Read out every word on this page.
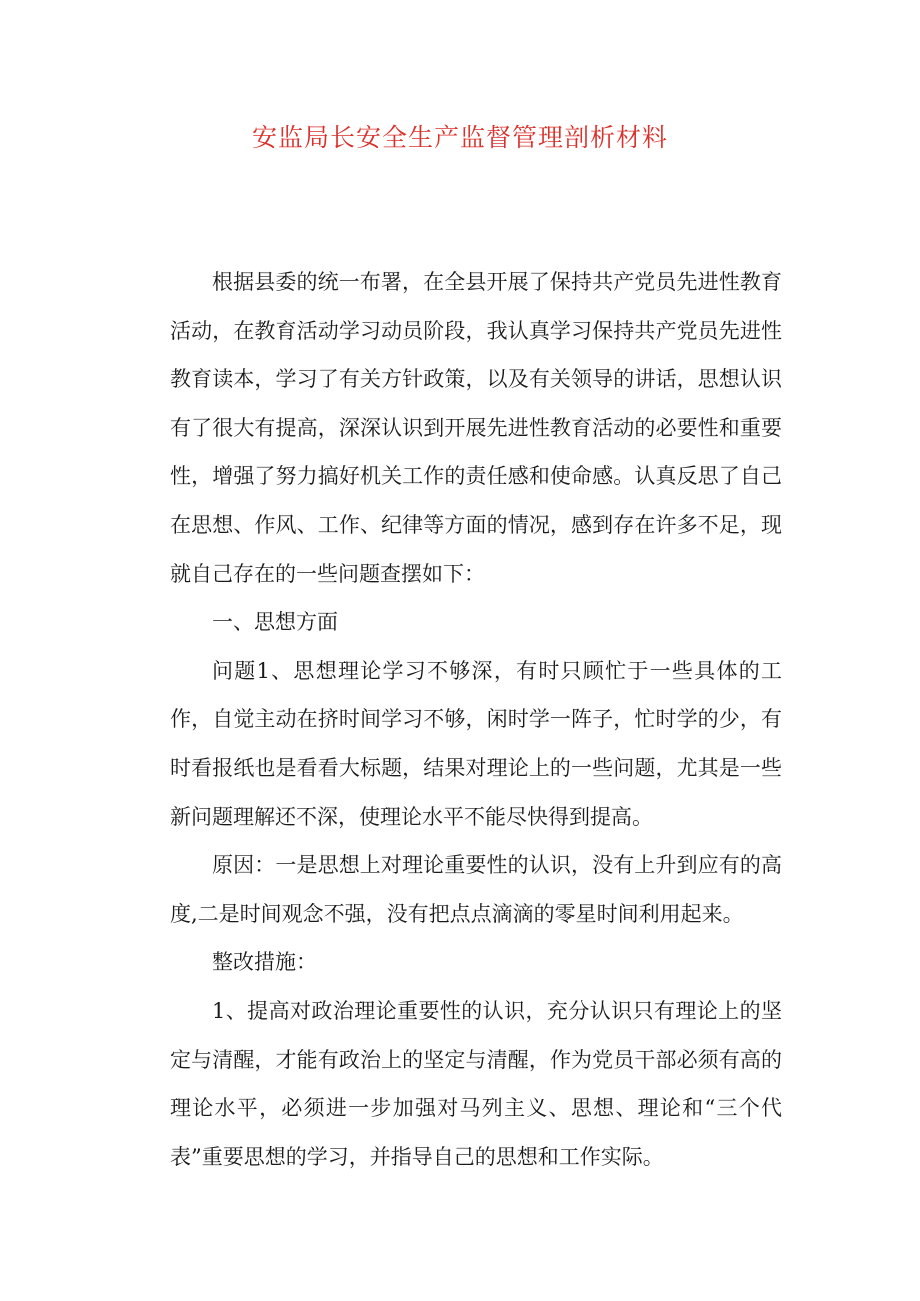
安监局长安全生产监督管理剖析材料

根据县委的统一布署，在全县开展了保持共产党员先进性教育活动，在教育活动学习动员阶段，我认真学习保持共产党员先进性教育读本，学习了有关方针政策，以及有关领导的讲话，思想认识有了很大有提高，深深认识到开展先进性教育活动的必要性和重要性，增强了努力搞好机关工作的责任感和使命感。认真反思了自己在思想、作风、工作、纪律等方面的情况，感到存在许多不足，现就自己存在的一些问题查摆如下：

一、思想方面

问题1、思想理论学习不够深，有时只顾忙于一些具体的工作，自觉主动在挤时间学习不够，闲时学一阵子，忙时学的少，有时看报纸也是看看大标题，结果对理论上的一些问题，尤其是一些新问题理解还不深，使理论水平不能尽快得到提高。

原因：一是思想上对理论重要性的认识，没有上升到应有的高度,二是时间观念不强，没有把点点滴滴的零星时间利用起来。

整改措施：

1、提高对政治理论重要性的认识，充分认识只有理论上的坚定与清醒，才能有政治上的坚定与清醒，作为党员干部必须有高的理论水平，必须进一步加强对马列主义、思想、理论和“三个代表”重要思想的学习，并指导自己的思想和工作实际。
